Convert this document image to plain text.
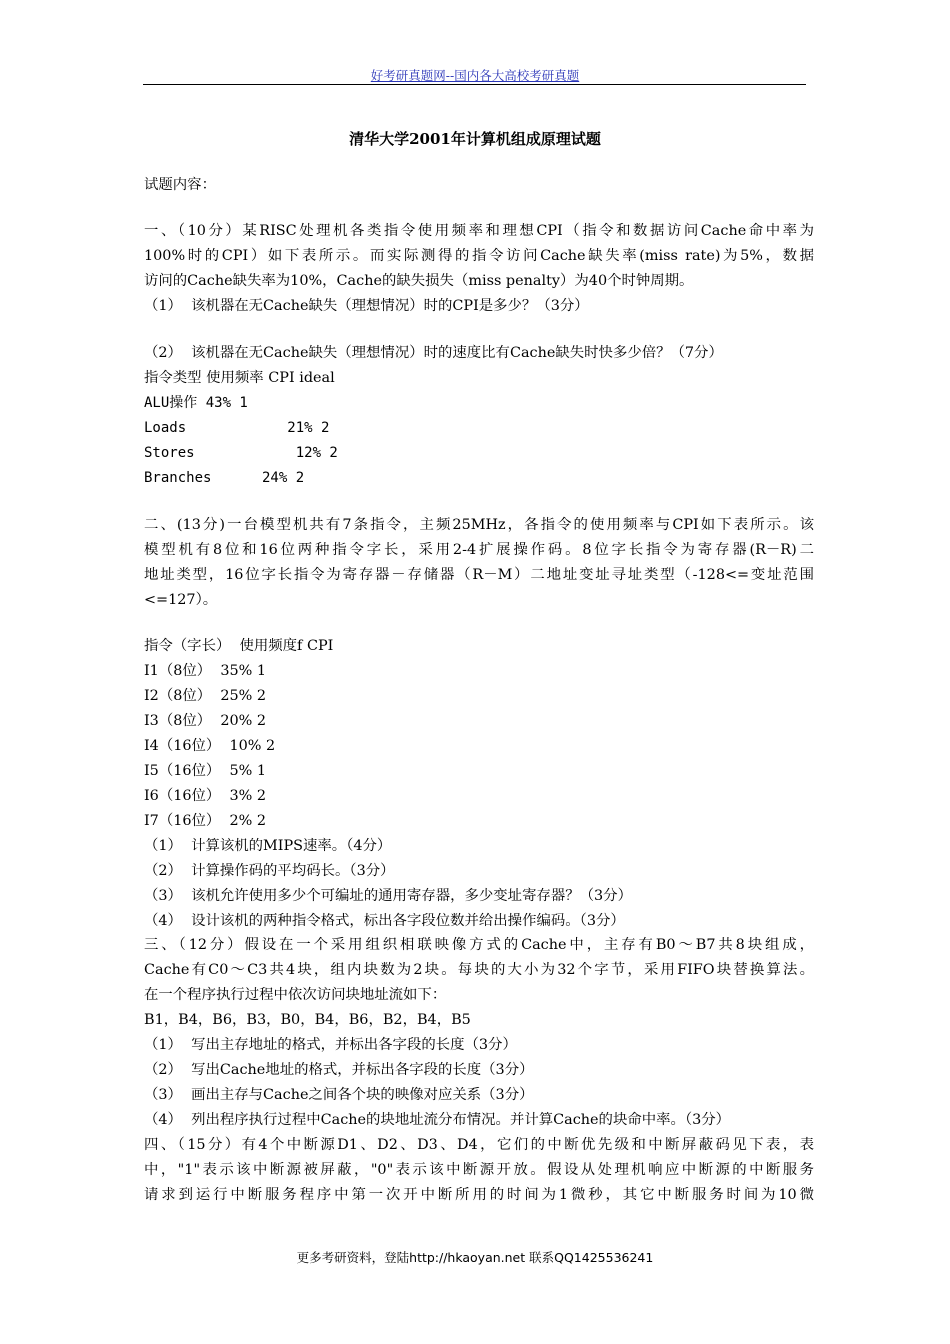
好考研真题网--国内各大高校考研真题
清华大学2001年计算机组成原理试题
试题内容：
一、（10分）某RISC处理机各类指令使用频率和理想CPI（指令和数据访问Cache命中率为
100%时的CPI）如下表所示。而实际测得的指令访问Cache缺失率(miss rate)为5%，数据
访问的Cache缺失率为10%，Cache的缺失损失（miss penalty）为40个时钟周期。
（1）  该机器在无Cache缺失（理想情况）时的CPI是多少？（3分）
（2）  该机器在无Cache缺失（理想情况）时的速度比有Cache缺失时快多少倍？（7分）
指令类型 使用频率 CPI ideal
ALU操作 43% 1
Loads            21% 2
Stores            12% 2
Branches      24% 2
二、(13分)一台模型机共有7条指令，主频25MHz，各指令的使用频率与CPI如下表所示。该
模型机有8位和16位两种指令字长，采用2-4扩展操作码。8位字长指令为寄存器(R－R)二
地址类型，16位字长指令为寄存器－存储器（R－M）二地址变址寻址类型（-128<=变址范围
<=127）。
指令（字长）  使用频度f CPI
I1（8位）  35% 1
I2（8位）  25% 2
I3（8位）  20% 2
I4（16位）  10% 2
I5（16位）  5% 1
I6（16位）  3% 2
I7（16位）  2% 2
（1）  计算该机的MIPS速率。（4分）
（2）  计算操作码的平均码长。（3分）
（3）  该机允许使用多少个可编址的通用寄存器，多少变址寄存器？（3分）
（4）  设计该机的两种指令格式，标出各字段位数并给出操作编码。（3分）
三、（12分）假设在一个采用组织相联映像方式的Cache中，主存有B0～B7共8块组成，
Cache有C0～C3共4块，组内块数为2块。每块的大小为32个字节，采用FIFO块替换算法。
在一个程序执行过程中依次访问块地址流如下：
B1，B4，B6，B3，B0，B4，B6，B2，B4，B5
（1）  写出主存地址的格式，并标出各字段的长度（3分）
（2）  写出Cache地址的格式，并标出各字段的长度（3分）
（3）  画出主存与Cache之间各个块的映像对应关系（3分）
（4）  列出程序执行过程中Cache的块地址流分布情况。并计算Cache的块命中率。（3分）
四、（15分）有4个中断源D1、D2、D3、D4，它们的中断优先级和中断屏蔽码见下表，表
中，"1"表示该中断源被屏蔽，"0"表示该中断源开放。假设从处理机响应中断源的中断服务
请求到运行中断服务程序中第一次开中断所用的时间为1微秒，其它中断服务时间为10微
更多考研资料，登陆http://hkaoyan.net 联系QQ1425536241
